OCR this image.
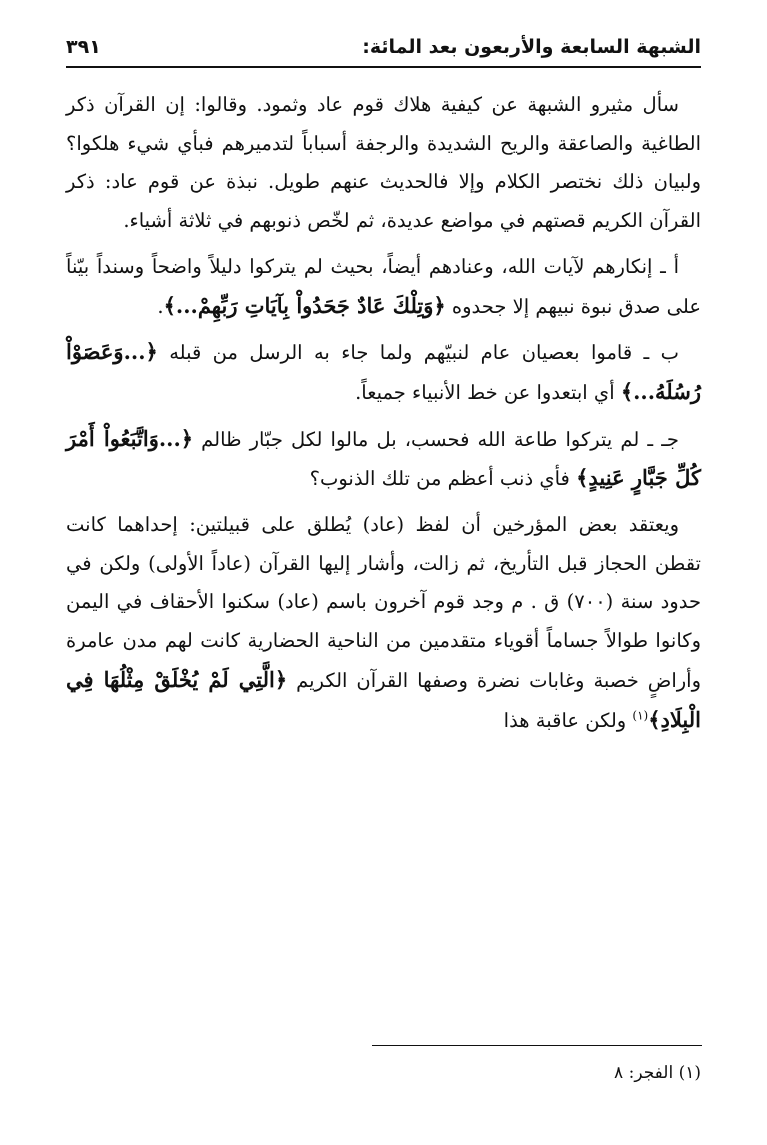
الشبهة السابعة والأربعون بعد المائة:
٣٩١

سأل مثيرو الشبهة عن كيفية هلاك قوم عاد وثمود. وقالوا: إن القرآن ذكر الطاغية والصاعقة والريح الشديدة والرجفة أسباباً لتدميرهم فبأي شيء هلكوا؟ ولبيان ذلك نختصر الكلام وإلا فالحديث عنهم طويل. نبذة عن قوم عاد: ذكر القرآن الكريم قصتهم في مواضع عديدة، ثم لخّص ذنوبهم في ثلاثة أشياء.

أ ـ إنكارهم لآيات الله، وعنادهم أيضاً، بحيث لم يتركوا دليلاً واضحاً وسنداً بيّناً على صدق نبوة نبيهم إلا جحدوه ﴿وَتِلْكَ عَادٌ جَحَدُواْ بِآيَاتِ رَبِّهِمْ...﴾.

ب ـ قاموا بعصيان عام لنبيّهم ولما جاء به الرسل من قبله ﴿...وَعَصَوْاْ رُسُلَهُ...﴾ أي ابتعدوا عن خط الأنبياء جميعاً.

جـ ـ لم يتركوا طاعة الله فحسب، بل مالوا لكل جبّار ظالم ﴿...وَاتَّبَعُواْ أَمْرَ كُلِّ جَبَّارٍ عَنِيدٍ﴾ فأي ذنب أعظم من تلك الذنوب؟

ويعتقد بعض المؤرخين أن لفظ (عاد) يُطلق على قبيلتين: إحداهما كانت تقطن الحجاز قبل التأريخ، ثم زالت، وأشار إليها القرآن (عاداً الأولى) ولكن في حدود سنة (٧٠٠) ق . م وجد قوم آخرون باسم (عاد) سكنوا الأحقاف في اليمن وكانوا طوالاً جساماً أقوياء متقدمين من الناحية الحضارية كانت لهم مدن عامرة وأراضٍ خصبة وغابات نضرة وصفها القرآن الكريم ﴿الَّتِي لَمْ يُخْلَقْ مِثْلُهَا فِي الْبِلَادِ﴾$^{(١)}$ ولكن عاقبة هذا

(١) الفجر: ٨
